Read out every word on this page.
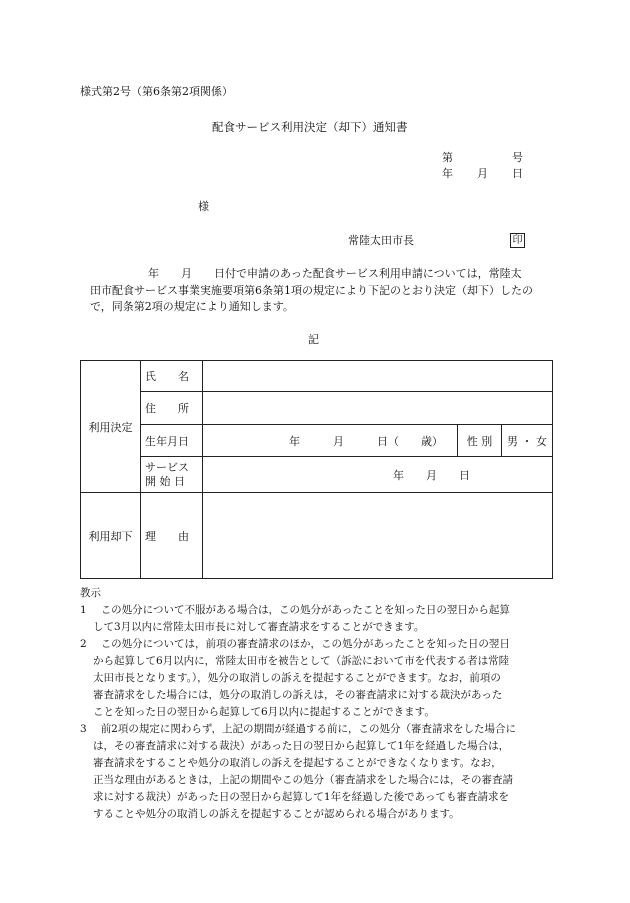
様式第2号（第6条第2項関係）
配食サービス利用決定（却下）通知書
第	号
年 月 日
様
常陸太田市長	印
年　　月　　日付で申請のあった配食サービス利用申請については，常陸太
田市配食サービス事業実施要項第6条第1項の規定により下記のとおり決定（却下）したの
で，同条第2項の規定により通知します。
記
利用決定	氏　　名			
	住　　所			
	生年月日	年　　　月　　　日（　　歳）	性 別	男 ・ 女

	サービス
開 始 日	年　　月　　日		
利用却下	理　　由			
教示
1 この処分について不服がある場合は，この処分があったことを知った日の翌日から起算
して3月以内に常陸太田市長に対して審査請求をすることができます。
2 この処分については，前項の審査請求のほか，この処分があったことを知った日の翌日
から起算して6月以内に，常陸太田市を被告として（訴訟において市を代表する者は常陸
太田市長となります。），処分の取消しの訴えを提起することができます。なお，前項の
審査請求をした場合には，処分の取消しの訴えは，その審査請求に対する裁決があった
ことを知った日の翌日から起算して6月以内に提起することができます。
3 前2項の規定に関わらず，上記の期間が経過する前に，この処分（審査請求をした場合に
は，その審査請求に対する裁決）があった日の翌日から起算して1年を経過した場合は，
審査請求をすることや処分の取消しの訴えを提起することができなくなります。なお，
正当な理由があるときは，上記の期間やこの処分（審査請求をした場合には，その審査請
求に対する裁決）があった日の翌日から起算して1年を経過した後であっても審査請求を
することや処分の取消しの訴えを提起することが認められる場合があります。
